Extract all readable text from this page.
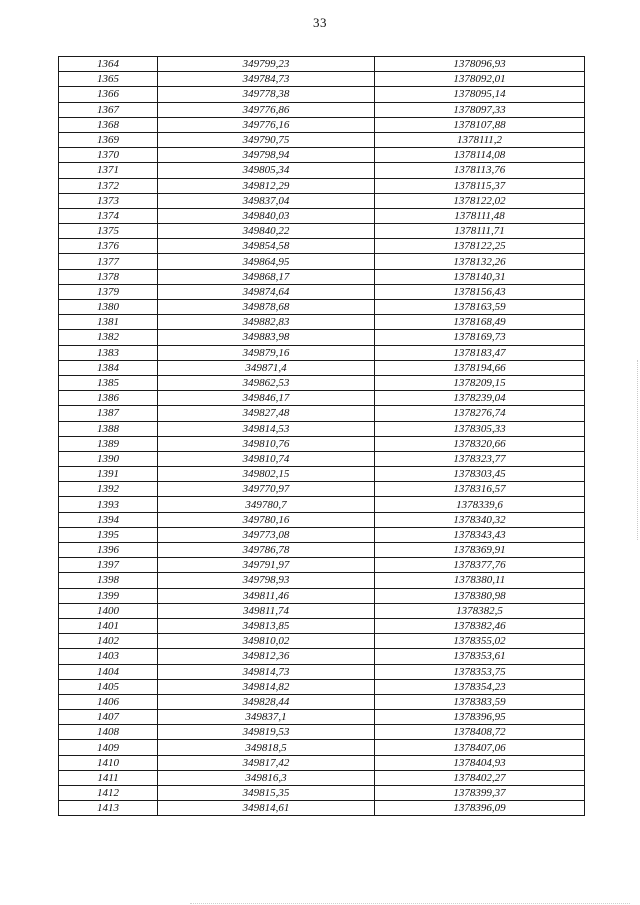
33
1364	349799,23	1378096,93
1365	349784,73	1378092,01
1366	349778,38	1378095,14
1367	349776,86	1378097,33
1368	349776,16	1378107,88
1369	349790,75	1378111,2
1370	349798,94	1378114,08
1371	349805,34	1378113,76
1372	349812,29	1378115,37
1373	349837,04	1378122,02
1374	349840,03	1378111,48
1375	349840,22	1378111,71
1376	349854,58	1378122,25
1377	349864,95	1378132,26
1378	349868,17	1378140,31
1379	349874,64	1378156,43
1380	349878,68	1378163,59
1381	349882,83	1378168,49
1382	349883,98	1378169,73
1383	349879,16	1378183,47
1384	349871,4	1378194,66
1385	349862,53	1378209,15
1386	349846,17	1378239,04
1387	349827,48	1378276,74
1388	349814,53	1378305,33
1389	349810,76	1378320,66
1390	349810,74	1378323,77
1391	349802,15	1378303,45
1392	349770,97	1378316,57
1393	349780,7	1378339,6
1394	349780,16	1378340,32
1395	349773,08	1378343,43
1396	349786,78	1378369,91
1397	349791,97	1378377,76
1398	349798,93	1378380,11
1399	349811,46	1378380,98
1400	349811,74	1378382,5
1401	349813,85	1378382,46
1402	349810,02	1378355,02
1403	349812,36	1378353,61
1404	349814,73	1378353,75
1405	349814,82	1378354,23
1406	349828,44	1378383,59
1407	349837,1	1378396,95
1408	349819,53	1378408,72
1409	349818,5	1378407,06
1410	349817,42	1378404,93
1411	349816,3	1378402,27
1412	349815,35	1378399,37
1413	349814,61	1378396,09
